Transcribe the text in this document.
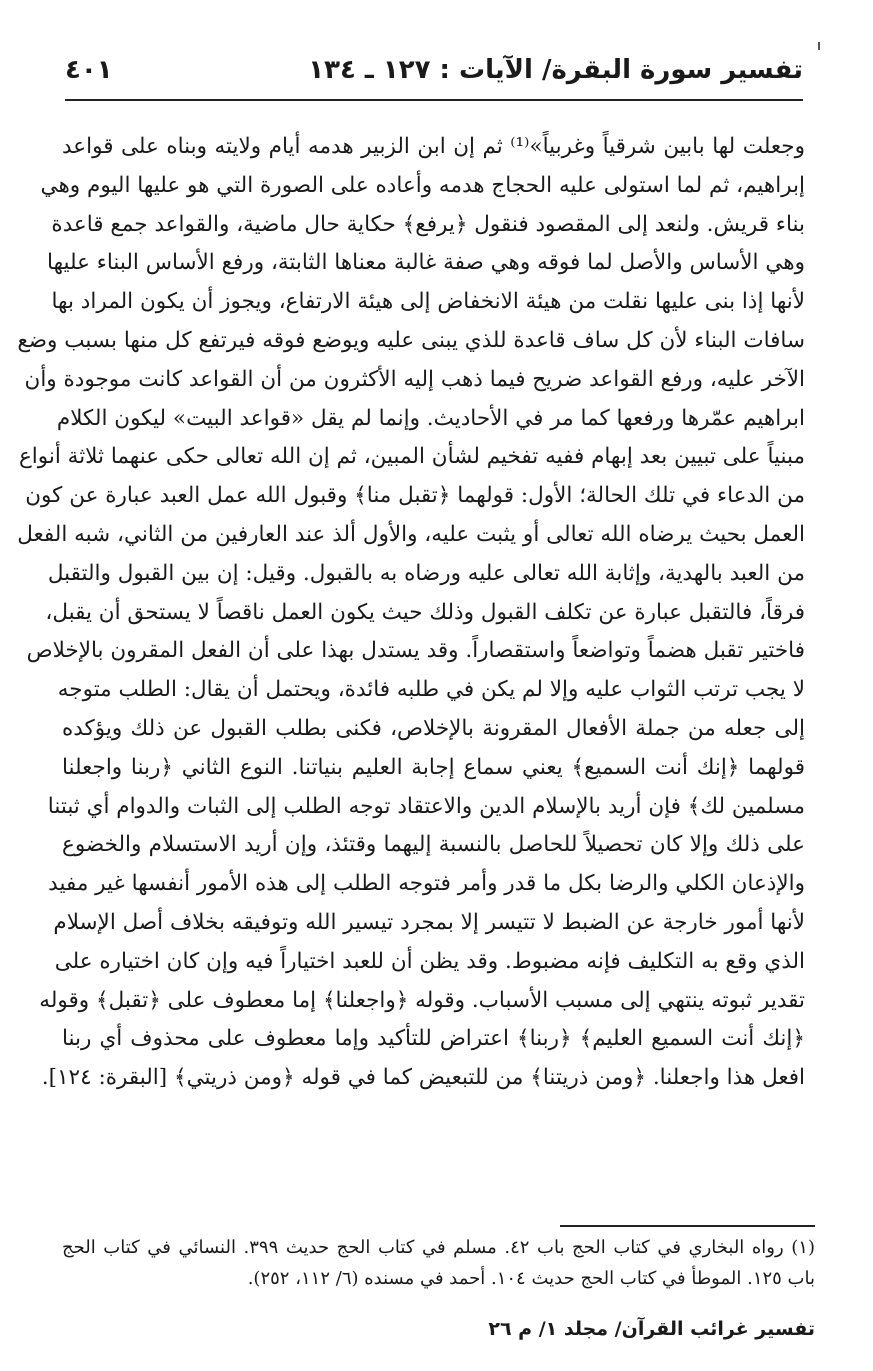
تفسير سورة البقرة/ الآيات : ١٢٧ ـ ١٣٤
٤٠١
وجعلت لها بابين شرقياً وغربياً»⁽¹⁾ ثم إن ابن الزبير هدمه أيام ولايته وبناه على قواعد
إبراهيم، ثم لما استولى عليه الحجاج هدمه وأعاده على الصورة التي هو عليها اليوم وهي
بناء قريش. ولنعد إلى المقصود فنقول ﴿يرفع﴾ حكاية حال ماضية، والقواعد جمع قاعدة
وهي الأساس والأصل لما فوقه وهي صفة غالبة معناها الثابتة، ورفع الأساس البناء عليها
لأنها إذا بنى عليها نقلت من هيئة الانخفاض إلى هيئة الارتفاع، ويجوز أن يكون المراد بها
سافات البناء لأن كل ساف قاعدة للذي يبنى عليه ويوضع فوقه فيرتفع كل منها بسبب وضع
الآخر عليه، ورفع القواعد ضريح فيما ذهب إليه الأكثرون من أن القواعد كانت موجودة وأن
ابراهيم عمّرها ورفعها كما مر في الأحاديث. وإنما لم يقل «قواعد البيت» ليكون الكلام
مبنياً على تبيين بعد إبهام ففيه تفخيم لشأن المبين، ثم إن الله تعالى حكى عنهما ثلاثة أنواع
من الدعاء في تلك الحالة؛ الأول: قولهما ﴿تقبل منا﴾ وقبول الله عمل العبد عبارة عن كون
العمل بحيث يرضاه الله تعالى أو يثبت عليه، والأول ألذ عند العارفين من الثاني، شبه الفعل
من العبد بالهدية، وإثابة الله تعالى عليه ورضاه به بالقبول. وقيل: إن بين القبول والتقبل
فرقاً، فالتقبل عبارة عن تكلف القبول وذلك حيث يكون العمل ناقصاً لا يستحق أن يقبل،
فاختير تقبل هضماً وتواضعاً واستقصاراً. وقد يستدل بهذا على أن الفعل المقرون بالإخلاص
لا يجب ترتب الثواب عليه وإلا لم يكن في طلبه فائدة، ويحتمل أن يقال: الطلب متوجه
إلى جعله من جملة الأفعال المقرونة بالإخلاص، فكنى بطلب القبول عن ذلك ويؤكده
قولهما ﴿إنك أنت السميع﴾ يعني سماع إجابة العليم بنياتنا. النوع الثاني ﴿ربنا واجعلنا
مسلمين لك﴾ فإن أريد بالإسلام الدين والاعتقاد توجه الطلب إلى الثبات والدوام أي ثبتنا
على ذلك وإلا كان تحصيلاً للحاصل بالنسبة إليهما وقتئذ، وإن أريد الاستسلام والخضوع
والإذعان الكلي والرضا بكل ما قدر وأمر فتوجه الطلب إلى هذه الأمور أنفسها غير مفيد
لأنها أمور خارجة عن الضبط لا تتيسر إلا بمجرد تيسير الله وتوفيقه بخلاف أصل الإسلام
الذي وقع به التكليف فإنه مضبوط. وقد يظن أن للعبد اختياراً فيه وإن كان اختياره على
تقدير ثبوته ينتهي إلى مسبب الأسباب. وقوله ﴿واجعلنا﴾ إما معطوف على ﴿تقبل﴾ وقوله
﴿إنك أنت السميع العليم﴾ ﴿ربنا﴾ اعتراض للتأكيد وإما معطوف على محذوف أي ربنا
افعل هذا واجعلنا. ﴿ومن ذريتنا﴾ من للتبعيض كما في قوله ﴿ومن ذريتي﴾ [البقرة: ١٢٤].
(١) رواه البخاري في كتاب الحج باب ٤٢. مسلم في كتاب الحج حديث ٣٩٩. النسائي في كتاب الحج
باب ١٢٥. الموطأ في كتاب الحج حديث ١٠٤. أحمد في مسنده (٦/ ١١٢، ٢٥٢).
تفسير غرائب القرآن/ مجلد ١/ م ٢٦
